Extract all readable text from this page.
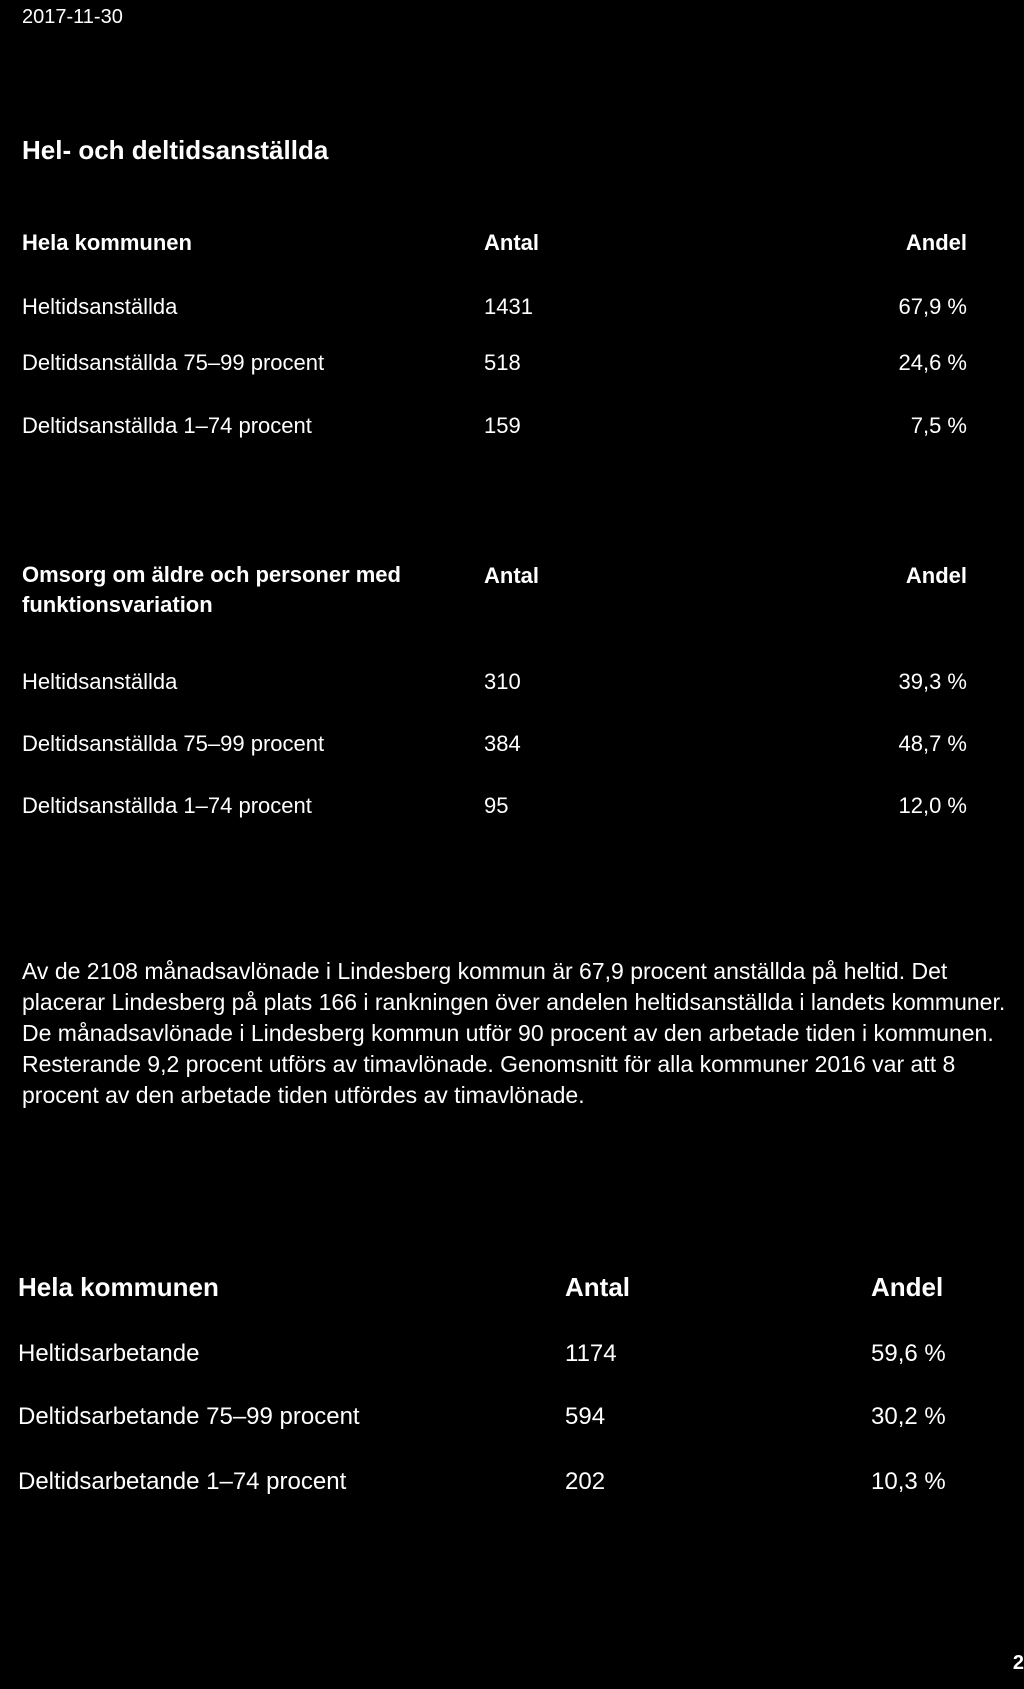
2017-11-30
Hel- och deltidsanställda
Hela kommunen	Antal	Andel
Heltidsanställda	1431	67,9 %
Deltidsanställda 75–99 procent	518	24,6 %
Deltidsanställda 1–74 procent	159	7,5 %
Omsorg om äldre och personer med funktionsvariation
Antal	Andel
Heltidsanställda	310	39,3 %
Deltidsanställda 75–99 procent	384	48,7 %
Deltidsanställda 1–74 procent	95	12,0 %

Av de 2108 månadsavlönade i Lindesberg kommun är 67,9 procent anställda på heltid. Det placerar Lindesberg på plats 166 i rankningen över andelen heltidsanställda i landets kommuner.

De månadsavlönade i Lindesberg kommun utför 90 procent av den arbetade tiden i kommunen. Resterande 9,2 procent utförs av timavlönade. Genomsnitt för alla kommuner 2016 var att 8 procent av den arbetade tiden utfördes av timavlönade.

Hela kommunen	Antal	Andel
Heltidsarbetande	1174	59,6 %
Deltidsarbetande 75–99 procent	594	30,2 %
Deltidsarbetande 1–74 procent	202	10,3 %
2
